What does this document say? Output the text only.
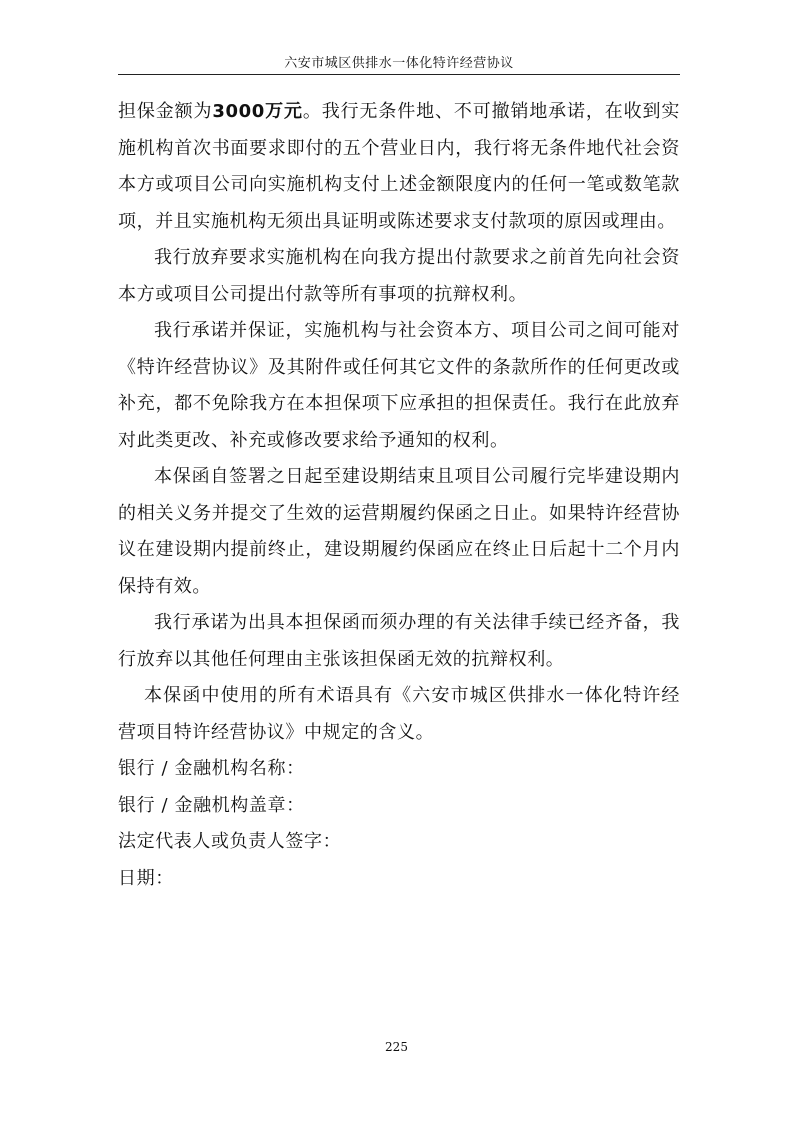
六安市城区供排水一体化特许经营协议

担保金额为3000万元。我行无条件地、不可撤销地承诺，在收到实施机构首次书面要求即付的五个营业日内，我行将无条件地代社会资本方或项目公司向实施机构支付上述金额限度内的任何一笔或数笔款项，并且实施机构无须出具证明或陈述要求支付款项的原因或理由。

我行放弃要求实施机构在向我方提出付款要求之前首先向社会资本方或项目公司提出付款等所有事项的抗辩权利。

我行承诺并保证，实施机构与社会资本方、项目公司之间可能对《特许经营协议》及其附件或任何其它文件的条款所作的任何更改或补充，都不免除我方在本担保项下应承担的担保责任。我行在此放弃对此类更改、补充或修改要求给予通知的权利。

本保函自签署之日起至建设期结束且项目公司履行完毕建设期内的相关义务并提交了生效的运营期履约保函之日止。如果特许经营协议在建设期内提前终止，建设期履约保函应在终止日后起十二个月内保持有效。

我行承诺为出具本担保函而须办理的有关法律手续已经齐备，我行放弃以其他任何理由主张该担保函无效的抗辩权利。

本保函中使用的所有术语具有《六安市城区供排水一体化特许经营项目特许经营协议》中规定的含义。

银行 / 金融机构名称：

银行 / 金融机构盖章：

法定代表人或负责人签字：

日期：

225
